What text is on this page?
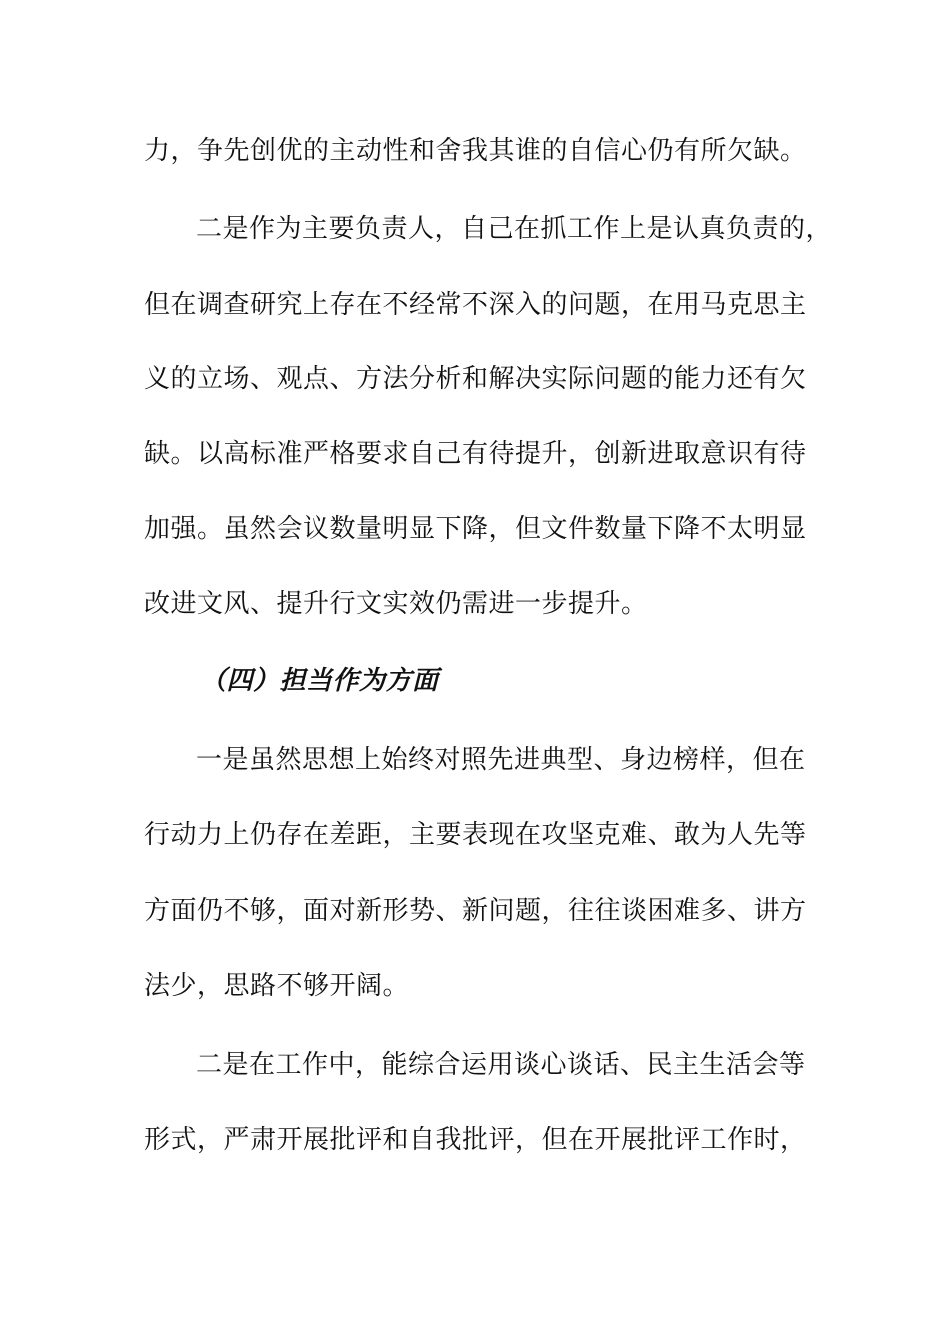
力，争先创优的主动性和舍我其谁的自信心仍有所欠缺。
二是作为主要负责人，自己在抓工作上是认真负责的，
但在调查研究上存在不经常不深入的问题，在用马克思主
义的立场、观点、方法分析和解决实际问题的能力还有欠
缺。以高标准严格要求自己有待提升，创新进取意识有待
加强。虽然会议数量明显下降，但文件数量下降不太明显
改进文风、提升行文实效仍需进一步提升。
（四）担当作为方面
一是虽然思想上始终对照先进典型、身边榜样，但在
行动力上仍存在差距，主要表现在攻坚克难、敢为人先等
方面仍不够，面对新形势、新问题，往往谈困难多、讲方
法少，思路不够开阔。
二是在工作中，能综合运用谈心谈话、民主生活会等
形式，严肃开展批评和自我批评，但在开展批评工作时，
